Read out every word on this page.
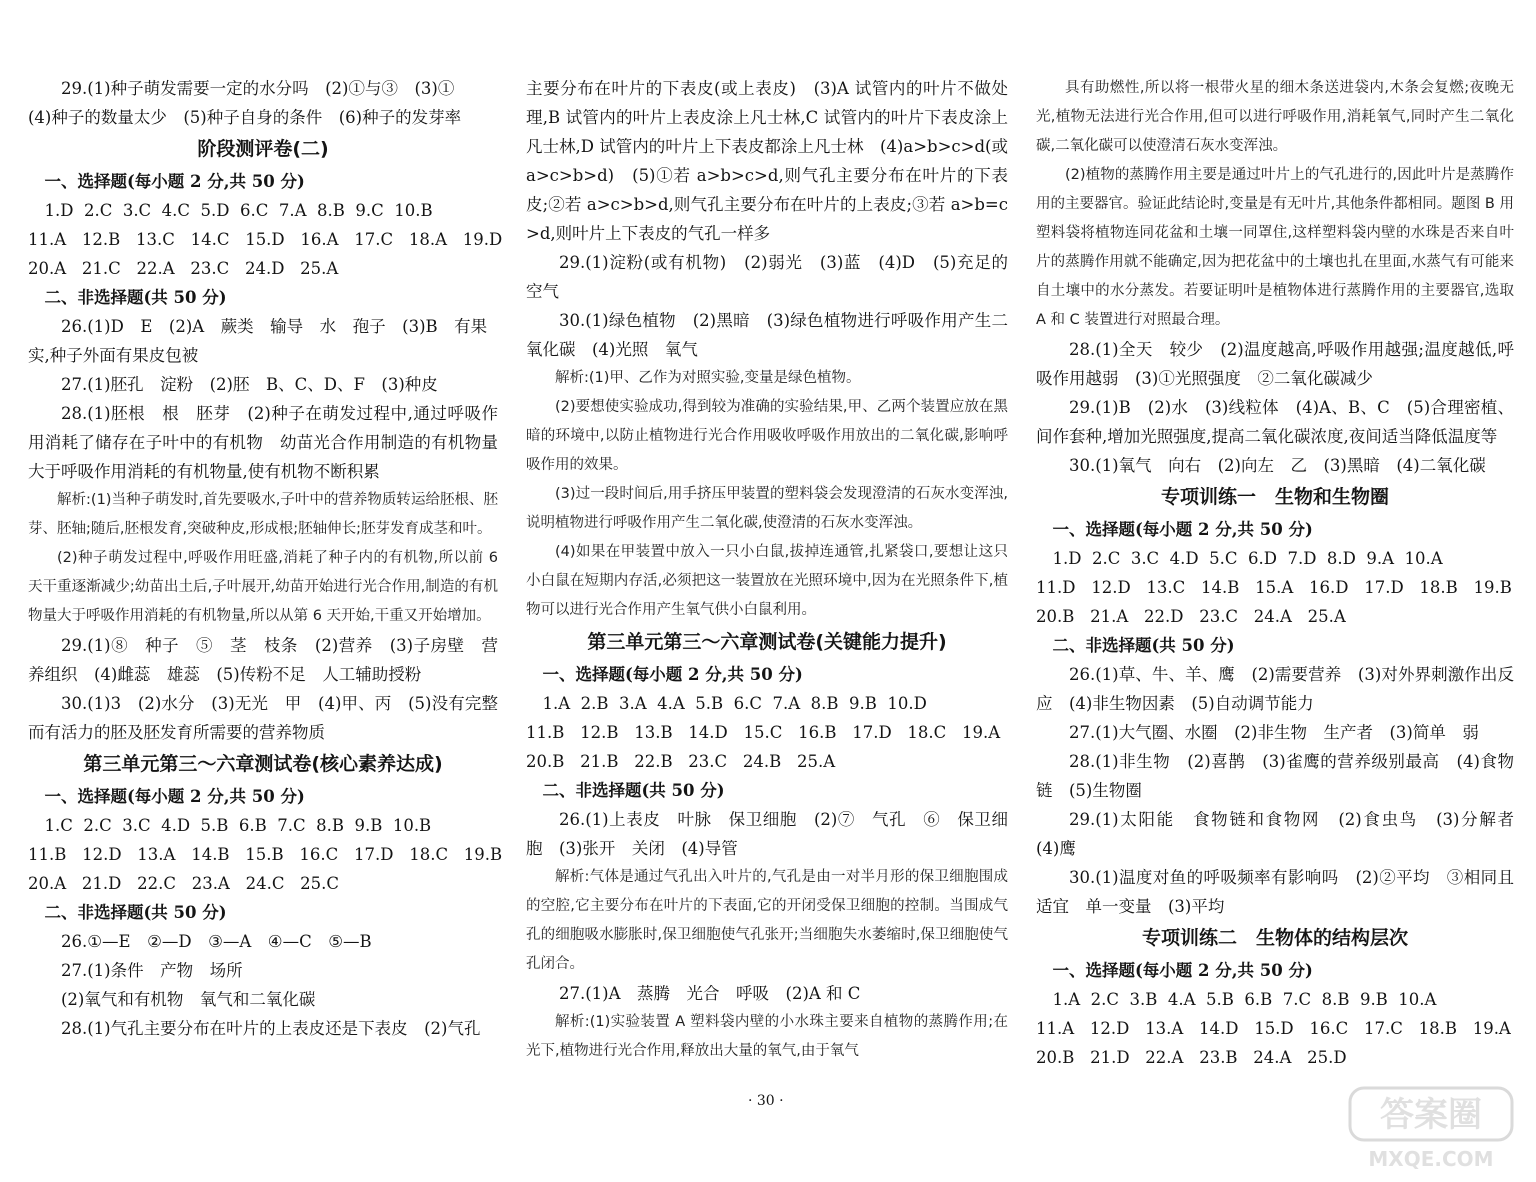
29.(1)种子萌发需要一定的水分吗　(2)①与③　(3)①

(4)种子的数量太少　(5)种子自身的条件　(6)种子的发芽率

阶段测评卷(二)

一、选择题(每小题 2 分,共 50 分)

1.D  2.C  3.C  4.C  5.D  6.C  7.A  8.B  9.C  10.B

11.A   12.B   13.C   14.C   15.D   16.A   17.C   18.A   19.D

20.A   21.C   22.A   23.C   24.D   25.A

二、非选择题(共 50 分)

26.(1)D　E　(2)A　蕨类　输导　水　孢子　(3)B　有果

实,种子外面有果皮包被

27.(1)胚孔　淀粉　(2)胚　B、C、D、F　(3)种皮

28.(1)胚根　根　胚芽　(2)种子在萌发过程中,通过呼吸作用消耗了储存在子叶中的有机物　幼苗光合作用制造的有机物量大于呼吸作用消耗的有机物量,使有机物不断积累

解析:(1)当种子萌发时,首先要吸水,子叶中的营养物质转运给胚根、胚芽、胚轴;随后,胚根发育,突破种皮,形成根;胚轴伸长;胚芽发育成茎和叶。

(2)种子萌发过程中,呼吸作用旺盛,消耗了种子内的有机物,所以前 6 天干重逐渐减少;幼苗出土后,子叶展开,幼苗开始进行光合作用,制造的有机物量大于呼吸作用消耗的有机物量,所以从第 6 天开始,干重又开始增加。

29.(1)⑧　种子　⑤　茎　枝条　(2)营养　(3)子房壁　营养组织　(4)雌蕊　雄蕊　(5)传粉不足　人工辅助授粉

30.(1)3　(2)水分　(3)无光　甲　(4)甲、丙　(5)没有完整而有活力的胚及胚发育所需要的营养物质

第三单元第三～六章测试卷(核心素养达成)

一、选择题(每小题 2 分,共 50 分)

1.C  2.C  3.C  4.D  5.B  6.B  7.C  8.B  9.B  10.B

11.B   12.D   13.A   14.B   15.B   16.C   17.D   18.C   19.B

20.A   21.D   22.C   23.A   24.C   25.C

二、非选择题(共 50 分)

26.①—E　②—D　③—A　④—C　⑤—B

27.(1)条件　产物　场所

(2)氧气和有机物　氧气和二氧化碳

28.(1)气孔主要分布在叶片的上表皮还是下表皮　(2)气孔

主要分布在叶片的下表皮(或上表皮)　(3)A 试管内的叶片不做处理,B 试管内的叶片上表皮涂上凡士林,C 试管内的叶片下表皮涂上凡士林,D 试管内的叶片上下表皮都涂上凡士林　(4)a>b>c>d(或 a>c>b>d)　(5)①若 a>b>c>d,则气孔主要分布在叶片的下表皮;②若 a>c>b>d,则气孔主要分布在叶片的上表皮;③若 a>b=c>d,则叶片上下表皮的气孔一样多

29.(1)淀粉(或有机物)　(2)弱光　(3)蓝　(4)D　(5)充足的空气

30.(1)绿色植物　(2)黑暗　(3)绿色植物进行呼吸作用产生二氧化碳　(4)光照　氧气

解析:(1)甲、乙作为对照实验,变量是绿色植物。

(2)要想使实验成功,得到较为准确的实验结果,甲、乙两个装置应放在黑暗的环境中,以防止植物进行光合作用吸收呼吸作用放出的二氧化碳,影响呼吸作用的效果。

(3)过一段时间后,用手挤压甲装置的塑料袋会发现澄清的石灰水变浑浊,说明植物进行呼吸作用产生二氧化碳,使澄清的石灰水变浑浊。

(4)如果在甲装置中放入一只小白鼠,拔掉连通管,扎紧袋口,要想让这只小白鼠在短期内存活,必须把这一装置放在光照环境中,因为在光照条件下,植物可以进行光合作用产生氧气供小白鼠利用。

第三单元第三～六章测试卷(关键能力提升)

一、选择题(每小题 2 分,共 50 分)

1.A  2.B  3.A  4.A  5.B  6.C  7.A  8.B  9.B  10.D

11.B   12.B   13.B   14.D   15.C   16.B   17.D   18.C   19.A

20.B   21.B   22.B   23.C   24.B   25.A

二、非选择题(共 50 分)

26.(1)上表皮　叶脉　保卫细胞　(2)⑦　气孔　⑥　保卫细胞　(3)张开　关闭　(4)导管

解析:气体是通过气孔出入叶片的,气孔是由一对半月形的保卫细胞围成的空腔,它主要分布在叶片的下表面,它的开闭受保卫细胞的控制。当围成气孔的细胞吸水膨胀时,保卫细胞使气孔张开;当细胞失水萎缩时,保卫细胞使气孔闭合。

27.(1)A　蒸腾　光合　呼吸　(2)A 和 C

解析:(1)实验装置 A 塑料袋内壁的小水珠主要来自植物的蒸腾作用;在光下,植物进行光合作用,释放出大量的氧气,由于氧气

具有助燃性,所以将一根带火星的细木条送进袋内,木条会复燃;夜晚无光,植物无法进行光合作用,但可以进行呼吸作用,消耗氧气,同时产生二氧化碳,二氧化碳可以使澄清石灰水变浑浊。

(2)植物的蒸腾作用主要是通过叶片上的气孔进行的,因此叶片是蒸腾作用的主要器官。验证此结论时,变量是有无叶片,其他条件都相同。题图 B 用塑料袋将植物连同花盆和土壤一同罩住,这样塑料袋内壁的水珠是否来自叶片的蒸腾作用就不能确定,因为把花盆中的土壤也扎在里面,水蒸气有可能来自土壤中的水分蒸发。若要证明叶是植物体进行蒸腾作用的主要器官,选取 A 和 C 装置进行对照最合理。

28.(1)全天　较少　(2)温度越高,呼吸作用越强;温度越低,呼吸作用越弱　(3)①光照强度　②二氧化碳减少

29.(1)B　(2)水　(3)线粒体　(4)A、B、C　(5)合理密植、间作套种,增加光照强度,提高二氧化碳浓度,夜间适当降低温度等

30.(1)氧气　向右　(2)向左　乙　(3)黑暗　(4)二氧化碳

专项训练一　生物和生物圈

一、选择题(每小题 2 分,共 50 分)

1.D  2.C  3.C  4.D  5.C  6.D  7.D  8.D  9.A  10.A

11.D   12.D   13.C   14.B   15.A   16.D   17.D   18.B   19.B

20.B   21.A   22.D   23.C   24.A   25.A

二、非选择题(共 50 分)

26.(1)草、牛、羊、鹰　(2)需要营养　(3)对外界刺激作出反应　(4)非生物因素　(5)自动调节能力

27.(1)大气圈、水圈　(2)非生物　生产者　(3)简单　弱

28.(1)非生物　(2)喜鹊　(3)雀鹰的营养级别最高　(4)食物链　(5)生物圈

29.(1)太阳能　食物链和食物网　(2)食虫鸟　(3)分解者　(4)鹰

30.(1)温度对鱼的呼吸频率有影响吗　(2)②平均　③相同且适宜　单一变量　(3)平均

专项训练二　生物体的结构层次

一、选择题(每小题 2 分,共 50 分)

1.A  2.C  3.B  4.A  5.B  6.B  7.C  8.B  9.B  10.A

11.A   12.D   13.A   14.D   15.D   16.C   17.C   18.B   19.A

20.B   21.D   22.A   23.B   24.A   25.D

· 30 ·	答案圈
MXQE.COM
